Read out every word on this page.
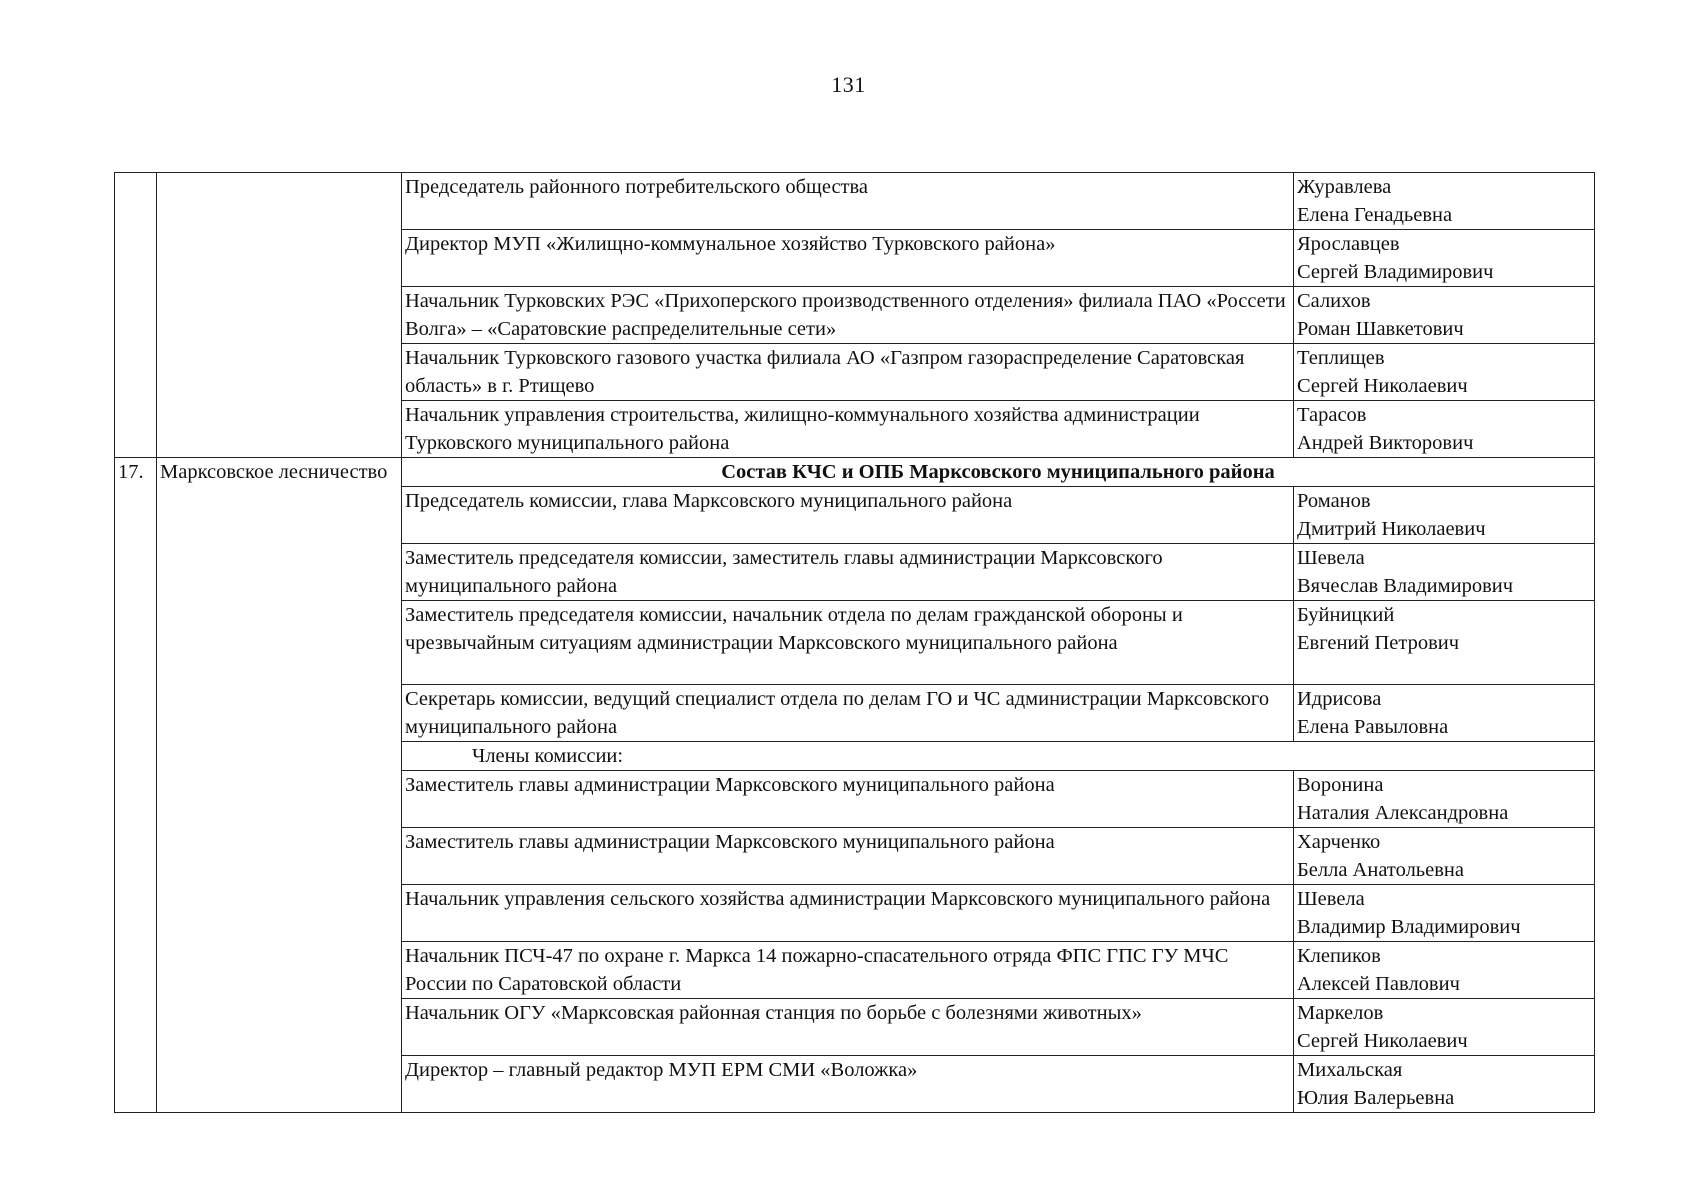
131
		Председатель районного потребительского общества	Журавлева
Елена Генадьевна

		Директор МУП «Жилищно-коммунальное хозяйство Турковского района»	Ярославцев
Сергей Владимирович

		Начальник Турковских РЭС «Прихоперского производственного отделения» филиала ПАО «Россети Волга» – «Саратовские распределительные сети»	Салихов
Роман Шавкетович

		Начальник Турковского газового участка филиала АО «Газпром газораспределение Саратовская область» в г. Ртищево	Теплищев
Сергей Николаевич

		Начальник управления строительства, жилищно-коммунального хозяйства администрации Турковского муниципального района	Тарасов
Андрей Викторович

17.	Марксовское лесничество	Состав КЧС и ОПБ Марксовского муниципального района	
		Председатель комиссии, глава Марксовского муниципального района	Романов
Дмитрий Николаевич

		Заместитель председателя комиссии, заместитель главы администрации Марксовского муниципального района	Шевела
Вячеслав Владимирович

		Заместитель председателя комиссии, начальник отдела по делам гражданской обороны и чрезвычайным ситуациям администрации Марксовского муниципального района	Буйницкий
Евгений Петрович

		Секретарь комиссии, ведущий специалист отдела по делам ГО и ЧС администрации Марксовского муниципального района	Идрисова
Елена Равыловна

		Члены комиссии:	
		Заместитель главы администрации Марксовского муниципального района	Воронина
Наталия Александровна

		Заместитель главы администрации Марксовского муниципального района	Харченко
Белла Анатольевна

		Начальник управления сельского хозяйства администрации Марксовского муниципального района	Шевела
Владимир Владимирович

		Начальник ПСЧ-47 по охране г. Маркса 14 пожарно-спасательного отряда ФПС ГПС ГУ МЧС России по Саратовской области	Клепиков
Алексей Павлович

		Начальник ОГУ «Марксовская районная станция по борьбе с болезнями животных»	Маркелов
Сергей Николаевич

		Директор – главный редактор МУП ЕРМ СМИ «Воложка»	Михальская
Юлия Валерьевна
